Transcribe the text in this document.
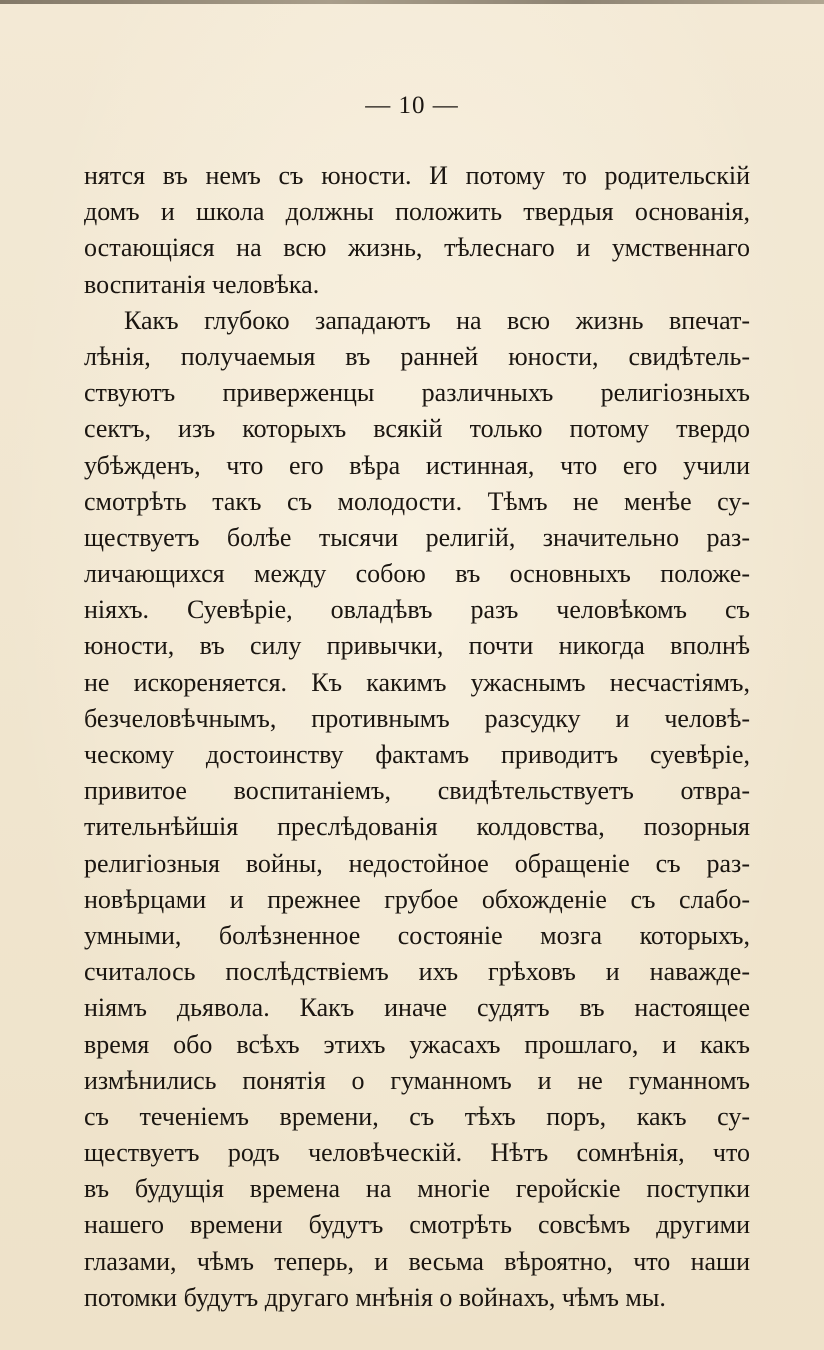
— 10 —
нятся въ немъ съ юности. И потому то родительскій
домъ и школа должны положить твердыя основанія,
остающіяся на всю жизнь, тѣлеснаго и умственнаго
воспитанія человѣка.
Какъ глубоко западаютъ на всю жизнь впечат-
лѣнія, получаемыя въ ранней юности, свидѣтель-
ствуютъ приверженцы различныхъ религіозныхъ
сектъ, изъ которыхъ всякій только потому твердо
убѣжденъ, что его вѣра истинная, что его учили
смотрѣть такъ съ молодости. Тѣмъ не менѣе су-
ществуетъ болѣе тысячи религій, значительно раз-
личающихся между собою въ основныхъ положе-
ніяхъ. Суевѣріе, овладѣвъ разъ человѣкомъ съ
юности, въ силу привычки, почти никогда вполнѣ
не искореняется. Къ какимъ ужаснымъ несчастіямъ,
безчеловѣчнымъ, противнымъ разсудку и человѣ-
ческому достоинству фактамъ приводитъ суевѣріе,
привитое воспитаніемъ, свидѣтельствуетъ отвра-
тительнѣйшія преслѣдованія колдовства, позорныя
религіозныя войны, недостойное обращеніе съ раз-
новѣрцами и прежнее грубое обхожденіе съ слабо-
умными, болѣзненное состояніе мозга которыхъ,
считалось послѣдствіемъ ихъ грѣховъ и наважде-
ніямъ дьявола. Какъ иначе судятъ въ настоящее
время обо всѣхъ этихъ ужасахъ прошлаго, и какъ
измѣнились понятія о гуманномъ и не гуманномъ
съ теченіемъ времени, съ тѣхъ поръ, какъ су-
ществуетъ родъ человѣческій. Нѣтъ сомнѣнія, что
въ будущія времена на многіе геройскіе поступки
нашего времени будутъ смотрѣть совсѣмъ другими
глазами, чѣмъ теперь, и весьма вѣроятно, что наши
потомки будутъ другаго мнѣнія о войнахъ, чѣмъ мы.
